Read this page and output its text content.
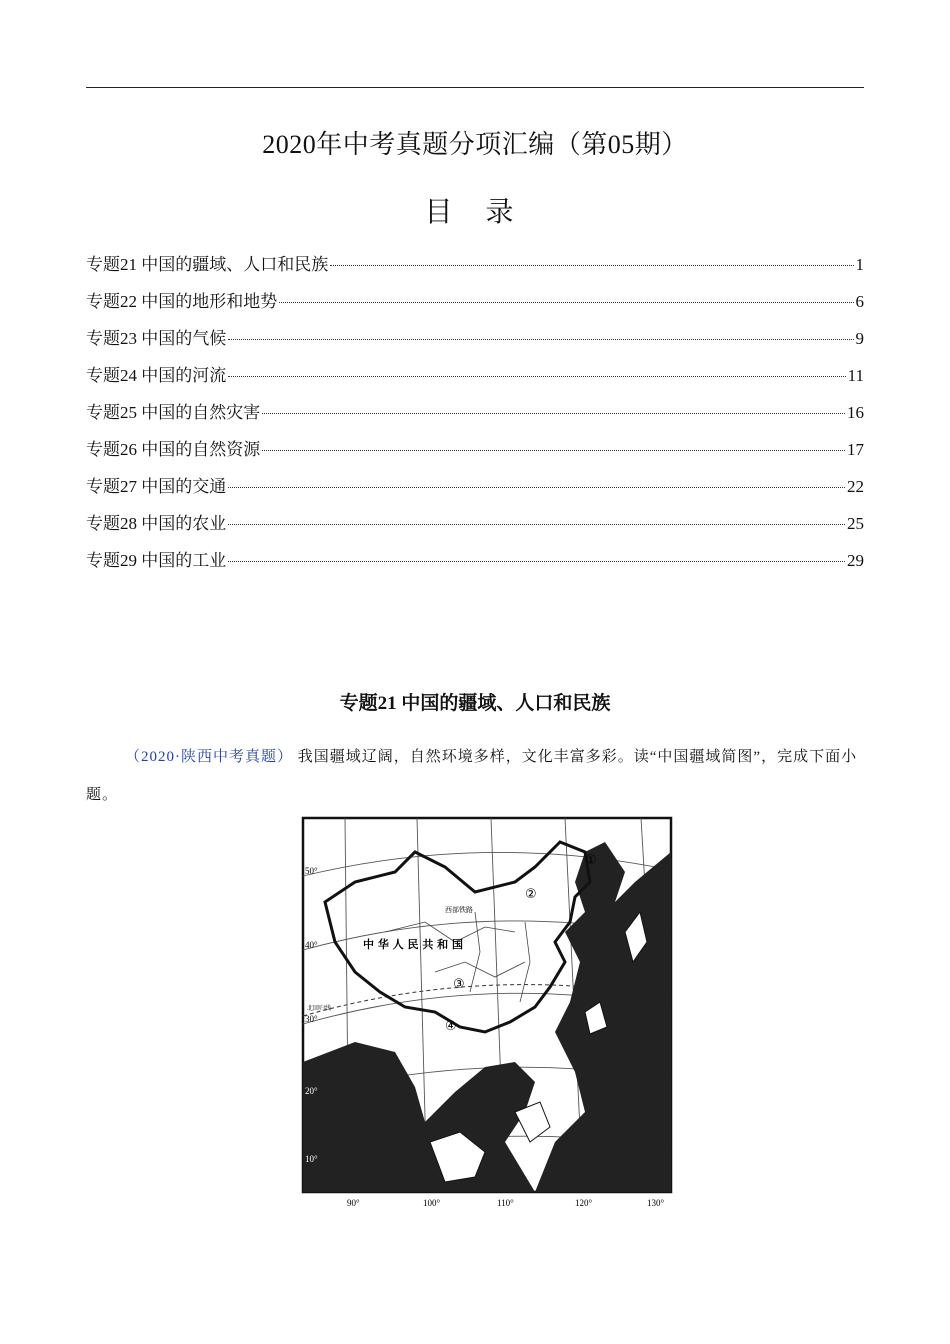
2020年中考真题分项汇编（第05期）
目 录
专题21 中国的疆域、人口和民族	1
专题22 中国的地形和地势	6
专题23 中国的气候	9
专题24 中国的河流	11
专题25 中国的自然灾害	16
专题26 中国的自然资源	17
专题27 中国的交通	22
专题28 中国的农业	25
专题29 中国的工业	29
专题21 中国的疆域、人口和民族
（2020·陕西中考真题） 我国疆域辽阔，自然环境多样，文化丰富多彩。读“中国疆域简图”，完成下面小题。
50°
40°
30°
20°
10°
90°	100°	110°	120°	130°
中 华 人 民 共 和 国
①
②
③
④
西部铁路
北回归线
